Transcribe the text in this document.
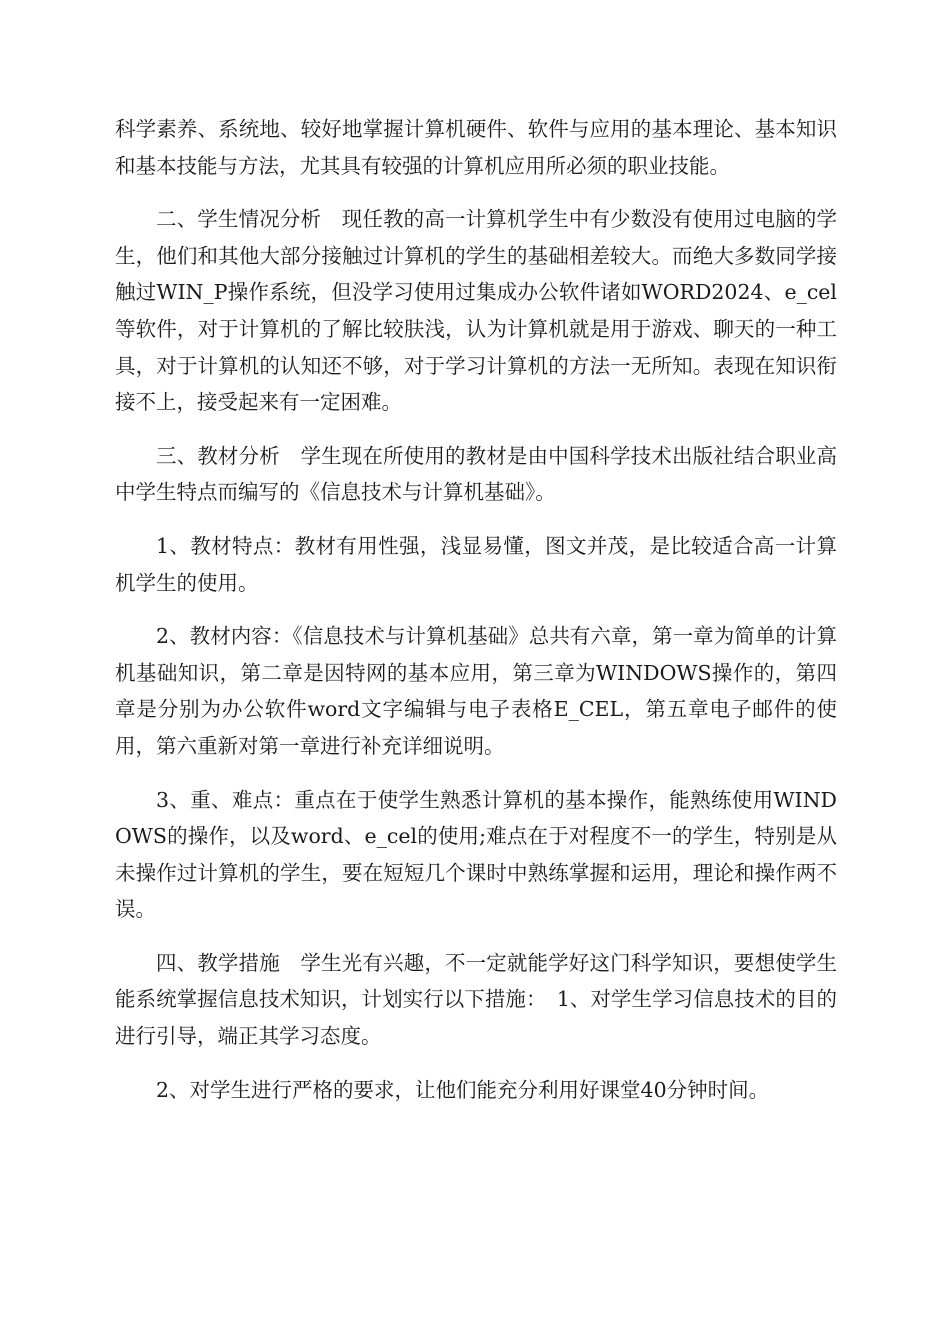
科学素养、系统地、较好地掌握计算机硬件、软件与应用的基本理论、基本知识和基本技能与方法，尤其具有较强的计算机应用所必须的职业技能。

二、学生情况分析　现任教的高一计算机学生中有少数没有使用过电脑的学生，他们和其他大部分接触过计算机的学生的基础相差较大。而绝大多数同学接触过WIN_P操作系统，但没学习使用过集成办公软件诸如WORD2024、e_cel等软件，对于计算机的了解比较肤浅，认为计算机就是用于游戏、聊天的一种工具，对于计算机的认知还不够，对于学习计算机的方法一无所知。表现在知识衔接不上，接受起来有一定困难。

三、教材分析　学生现在所使用的教材是由中国科学技术出版社结合职业高中学生特点而编写的《信息技术与计算机基础》。

1、教材特点：教材有用性强，浅显易懂，图文并茂，是比较适合高一计算机学生的使用。

2、教材内容：《信息技术与计算机基础》总共有六章，第一章为简单的计算机基础知识，第二章是因特网的基本应用，第三章为WINDOWS操作的，第四章是分别为办公软件word文字编辑与电子表格E_CEL，第五章电子邮件的使用，第六重新对第一章进行补充详细说明。

3、重、难点：重点在于使学生熟悉计算机的基本操作，能熟练使用WINDOWS的操作，以及word、e_cel的使用;难点在于对程度不一的学生，特别是从未操作过计算机的学生，要在短短几个课时中熟练掌握和运用，理论和操作两不误。

四、教学措施　学生光有兴趣，不一定就能学好这门科学知识，要想使学生能系统掌握信息技术知识，计划实行以下措施：　1、对学生学习信息技术的目的进行引导，端正其学习态度。

2、对学生进行严格的要求，让他们能充分利用好课堂40分钟时间。
